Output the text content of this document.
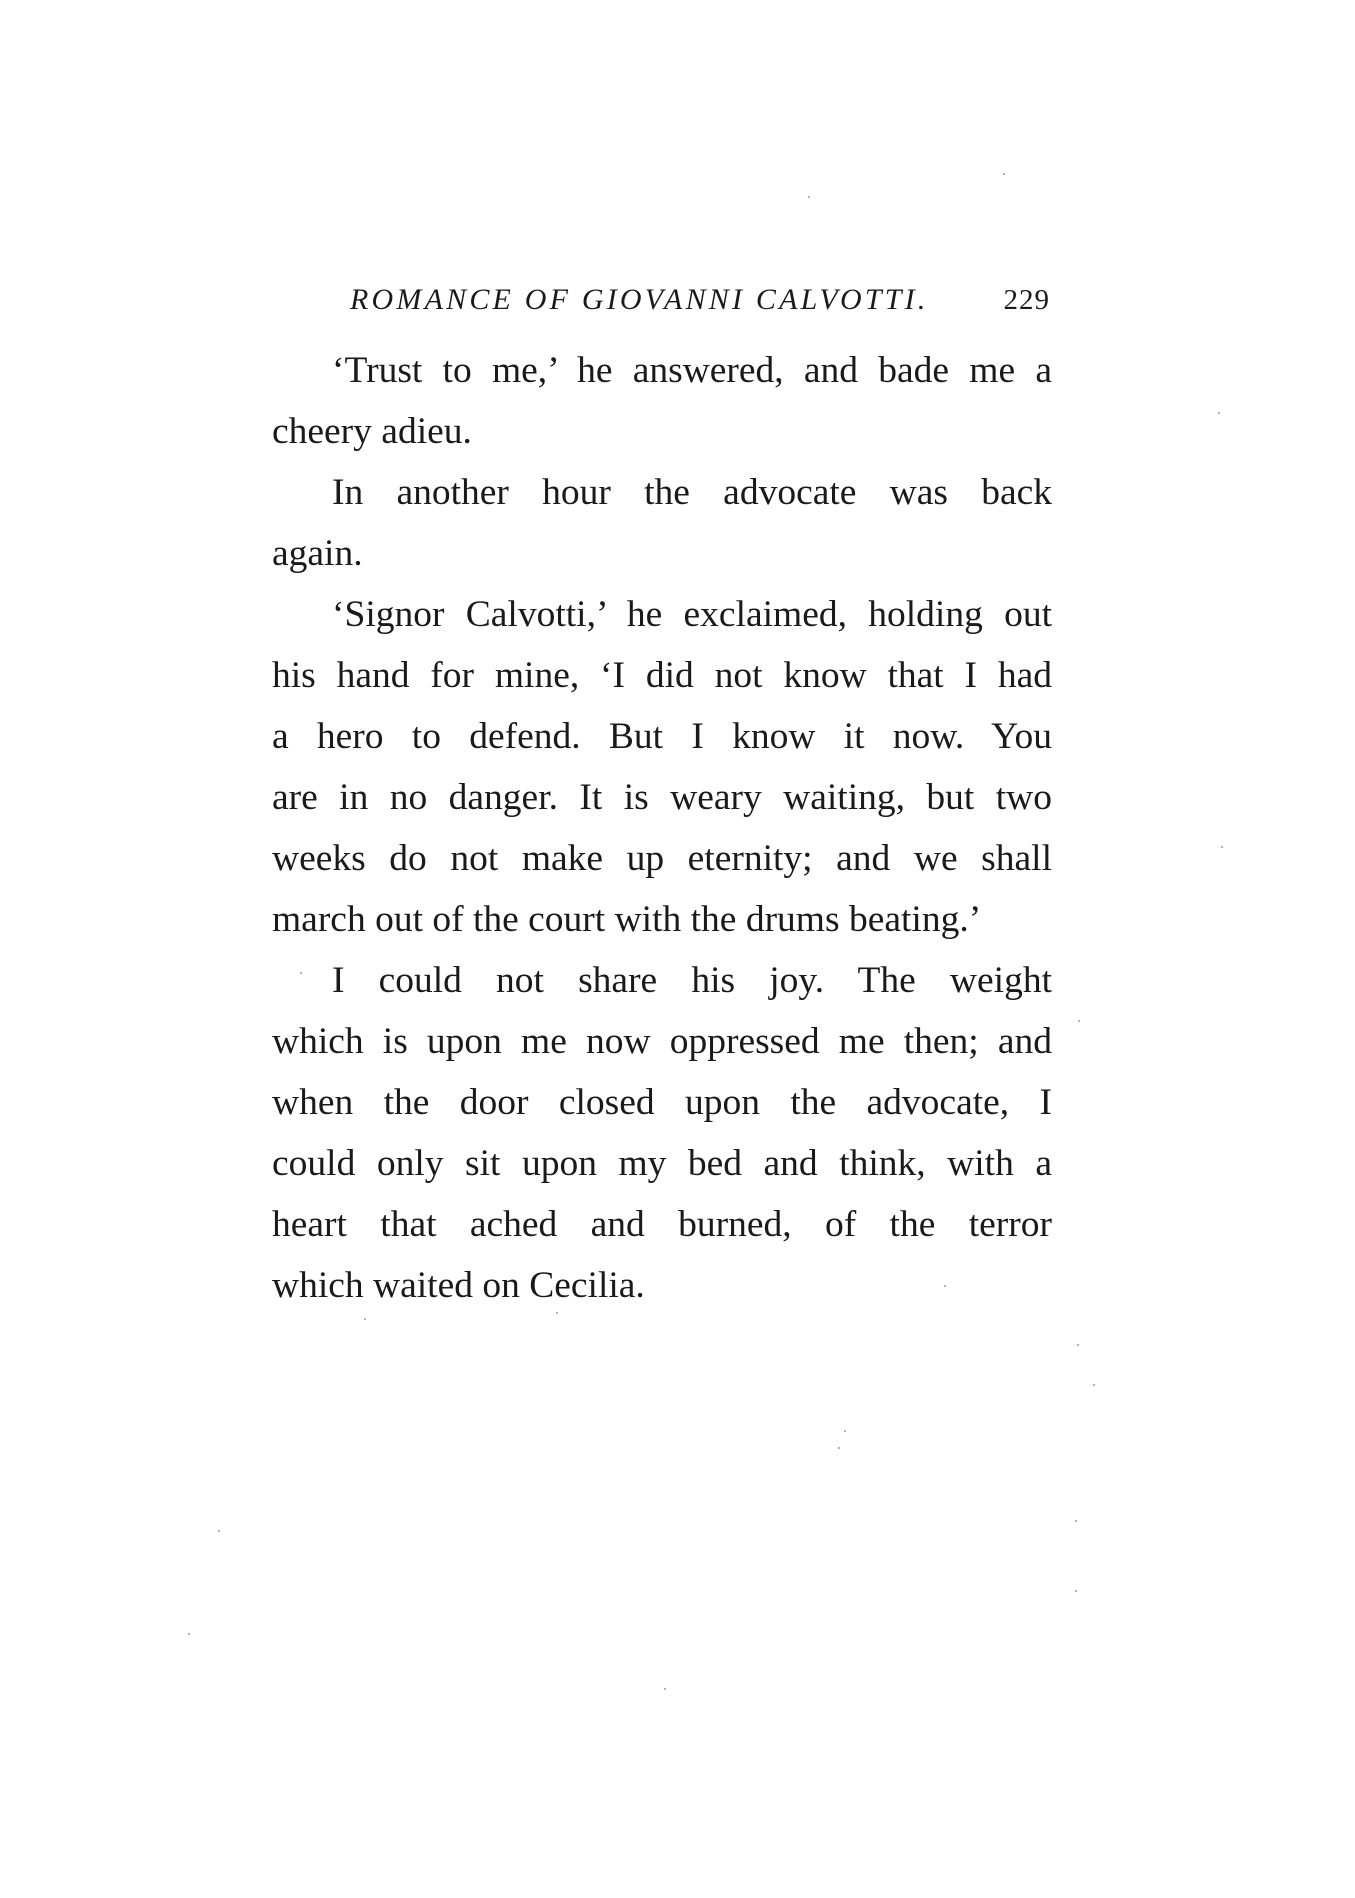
ROMANCE OF GIOVANNI CALVOTTI.	229
‘Trust to me,’ he answered, and bade me a
cheery adieu.
In another hour the advocate was back
again.
‘Signor Calvotti,’ he exclaimed, holding out
his hand for mine, ‘I did not know that I had
a hero to defend. But I know it now. You
are in no danger. It is weary waiting, but two
weeks do not make up eternity; and we shall
march out of the court with the drums beating.’
I could not share his joy. The weight
which is upon me now oppressed me then; and
when the door closed upon the advocate, I
could only sit upon my bed and think, with a
heart that ached and burned, of the terror
which waited on Cecilia.
